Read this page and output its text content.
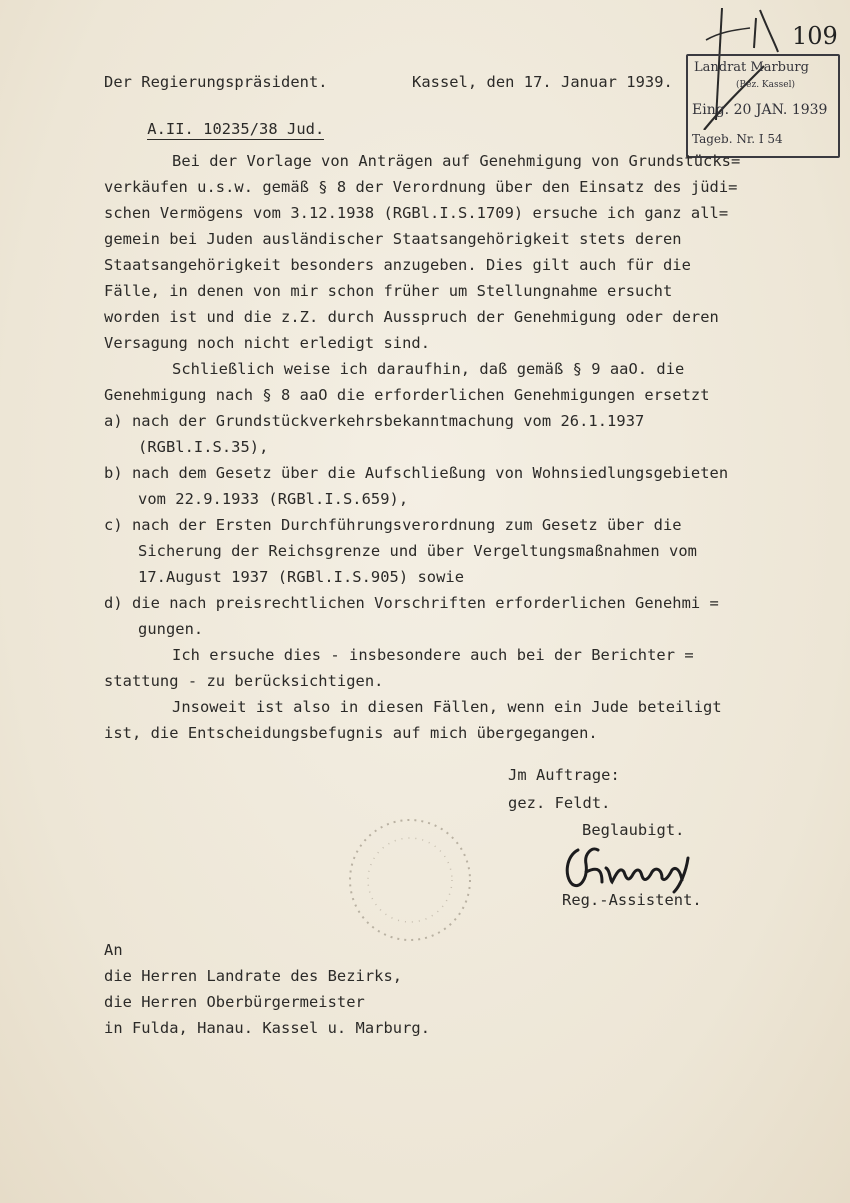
109
Landrat Marburg
(Bez. Kassel)
Eing. 20 JAN. 1939
Tageb. Nr. I 54
Der Regierungspräsident.	Kassel, den 17. Januar 1939.

A.II. 10235/38 Jud.

Bei der Vorlage von Anträgen auf Genehmigung von Grundstücks=
verkäufen u.s.w. gemäß § 8 der Verordnung über den Einsatz des jüdi=
schen Vermögens vom 3.12.1938 (RGBl.I.S.1709) ersuche ich ganz all=
gemein bei Juden ausländischer Staatsangehörigkeit stets deren
Staatsangehörigkeit besonders anzugeben. Dies gilt auch für die
Fälle, in denen von mir schon früher um Stellungnahme ersucht
worden ist und die z.Z. durch Ausspruch der Genehmigung oder deren
Versagung noch nicht erledigt sind.
Schließlich weise ich daraufhin, daß gemäß § 9 aaO. die
Genehmigung nach § 8 aaO die erforderlichen Genehmigungen ersetzt
a) nach der Grundstückverkehrsbekanntmachung vom 26.1.1937
(RGBl.I.S.35),
b) nach dem Gesetz über die Aufschließung von Wohnsiedlungsgebieten
vom 22.9.1933 (RGBl.I.S.659),
c) nach der Ersten Durchführungsverordnung zum Gesetz über die
Sicherung der Reichsgrenze und über Vergeltungsmaßnahmen vom
17.August 1937 (RGBl.I.S.905) sowie
d) die nach preisrechtlichen Vorschriften erforderlichen Genehmi =
gungen.
Ich ersuche dies - insbesondere auch bei der Berichter =
stattung - zu berücksichtigen.
Jnsoweit ist also in diesen Fällen, wenn ein Jude beteiligt
ist, die Entscheidungsbefugnis auf mich übergegangen.
Jm Auftrage:
gez. Feldt.
Beglaubigt.
Reg.-Assistent.
An
die Herren Landrate des Bezirks,
die Herren Oberbürgermeister
in Fulda, Hanau. Kassel u. Marburg.
